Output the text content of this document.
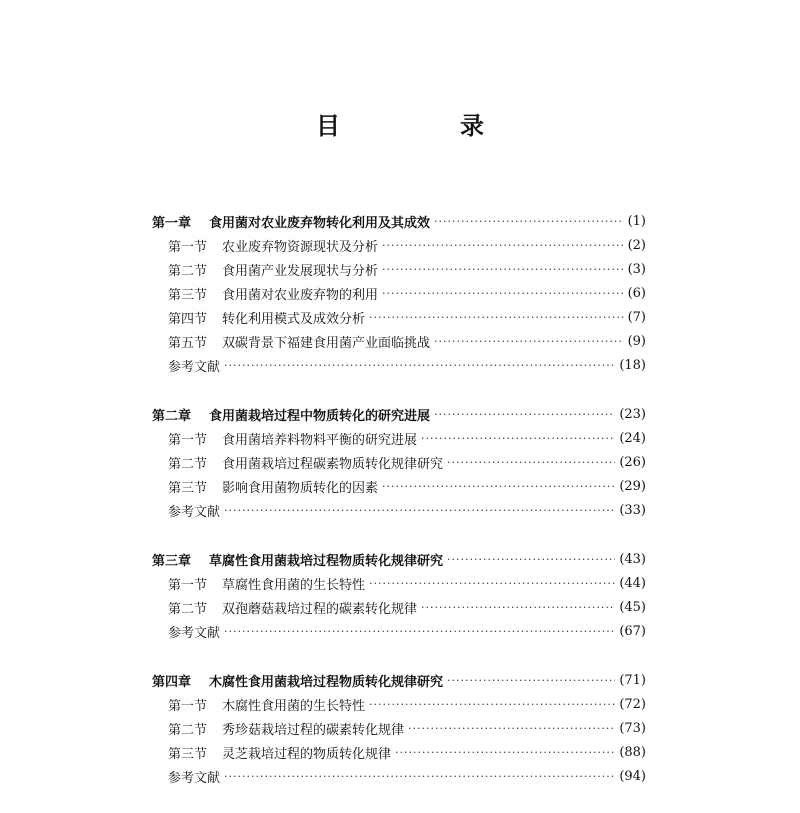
目　录
第一章	食用菌对农业废弃物转化利用及其成效 ·····	(1)
第一节	农业废弃物资源现状及分析 ·····	(2)
第二节	食用菌产业发展现状与分析 ·····	(3)
第三节	食用菌对农业废弃物的利用 ·····	(6)
第四节	转化利用模式及成效分析 ·····	(7)
第五节	双碳背景下福建食用菌产业面临挑战 ·····	(9)
参考文献 ·····	(18)
第二章	食用菌栽培过程中物质转化的研究进展 ·····	(23)
第一节	食用菌培养料物料平衡的研究进展 ·····	(24)
第二节	食用菌栽培过程碳素物质转化规律研究 ·····	(26)
第三节	影响食用菌物质转化的因素 ·····	(29)
参考文献 ·····	(33)
第三章	草腐性食用菌栽培过程物质转化规律研究 ·····	(43)
第一节	草腐性食用菌的生长特性 ·····	(44)
第二节	双孢蘑菇栽培过程的碳素转化规律 ·····	(45)
参考文献 ·····	(67)
第四章	木腐性食用菌栽培过程物质转化规律研究 ·····	(71)
第一节	木腐性食用菌的生长特性 ·····	(72)
第二节	秀珍菇栽培过程的碳素转化规律 ·····	(73)
第三节	灵芝栽培过程的物质转化规律 ·····	(88)
参考文献 ·····	(94)
